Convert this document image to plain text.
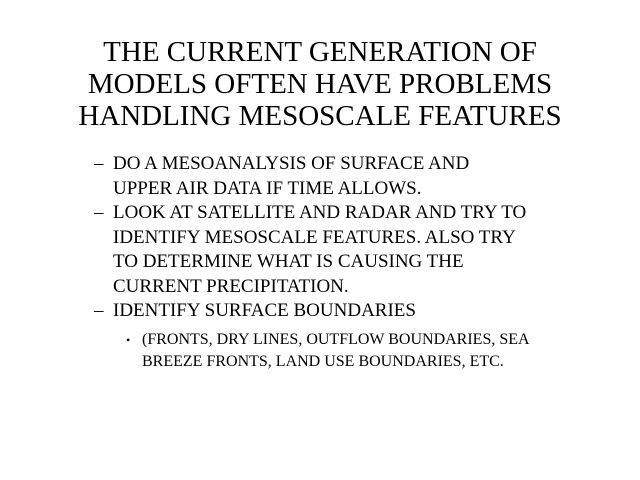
THE CURRENT GENERATION OF
MODELS OFTEN HAVE PROBLEMS
HANDLING MESOSCALE FEATURES
– DO A MESOANALYSIS OF SURFACE AND
UPPER AIR DATA IF TIME ALLOWS.
– LOOK AT SATELLITE AND RADAR AND TRY TO
IDENTIFY MESOSCALE FEATURES. ALSO TRY
TO DETERMINE WHAT IS CAUSING THE
CURRENT PRECIPITATION.
– IDENTIFY SURFACE BOUNDARIES
• (FRONTS, DRY LINES, OUTFLOW BOUNDARIES, SEA
BREEZE FRONTS, LAND USE BOUNDARIES, ETC.
